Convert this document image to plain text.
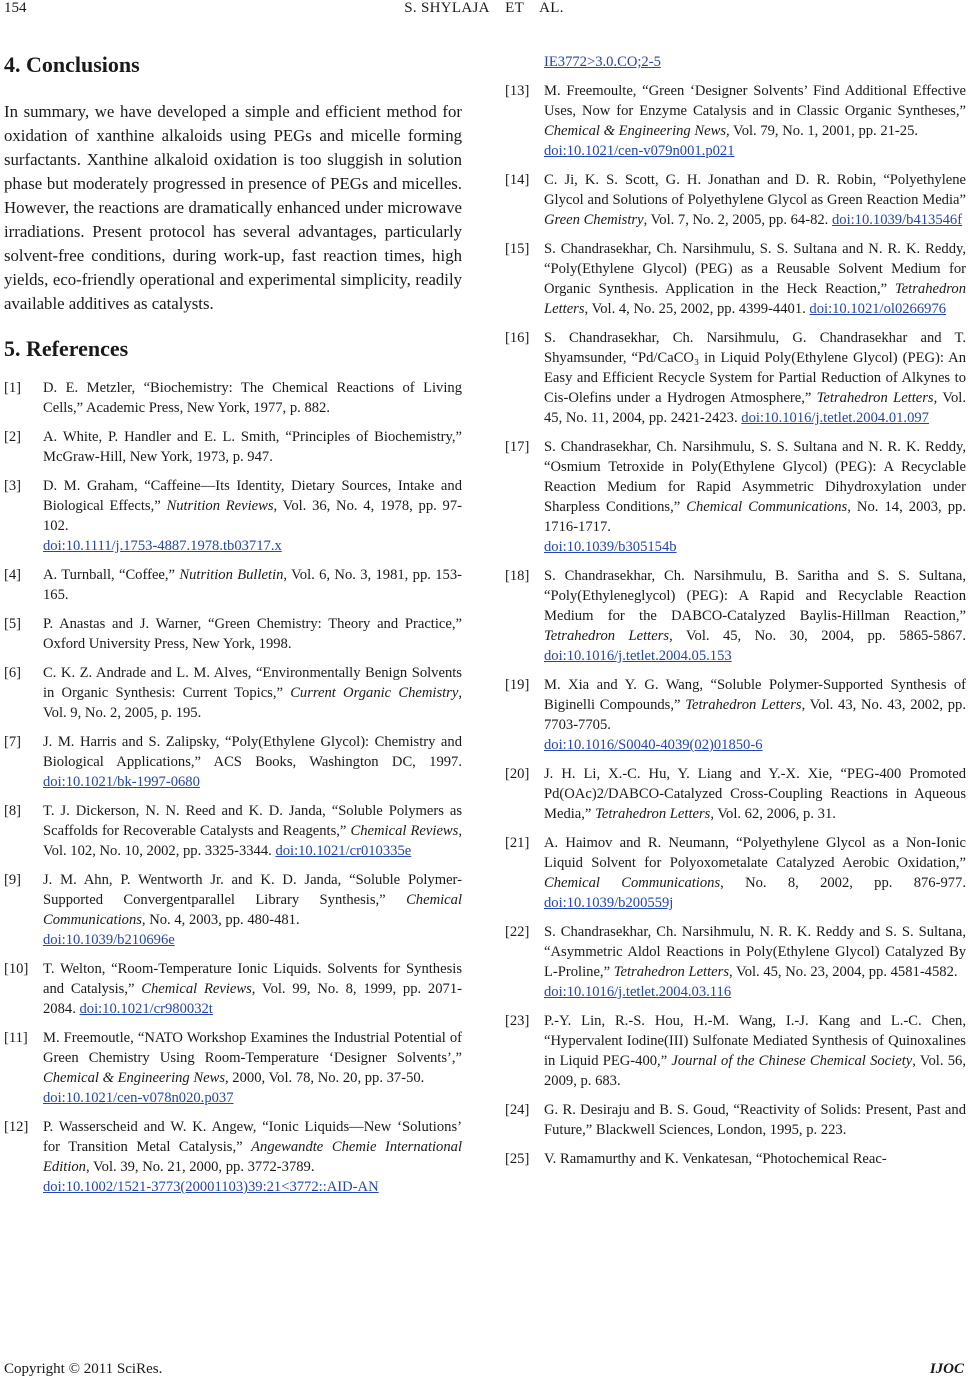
154	S. SHYLAJA    ET    AL.
4. Conclusions

In summary, we have developed a simple and efficient method for oxidation of xanthine alkaloids using PEGs and micelle forming surfactants. Xanthine alkaloid oxidation is too sluggish in solution phase but moderately progressed in presence of PEGs and micelles. However, the reactions are dramatically enhanced under microwave irradiations. Present protocol has several advantages, particularly solvent-free conditions, during work-up, fast reaction times, high yields, eco-friendly operational and experimental simplicity, readily available additives as catalysts.

5. References
[1] D. E. Metzler, “Biochemistry: The Chemical Reactions of Living Cells,” Academic Press, New York, 1977, p. 882.
[2] A. White, P. Handler and E. L. Smith, “Principles of Biochemistry,” McGraw-Hill, New York, 1973, p. 947.
[3] D. M. Graham, “Caffeine—Its Identity, Dietary Sources, Intake and Biological Effects,” Nutrition Reviews, Vol. 36, No. 4, 1978, pp. 97-102.
doi:10.1111/j.1753-4887.1978.tb03717.x
[4] A. Turnball, “Coffee,” Nutrition Bulletin, Vol. 6, No. 3, 1981, pp. 153-165.
[5] P. Anastas and J. Warner, “Green Chemistry: Theory and Practice,” Oxford University Press, New York, 1998.
[6] C. K. Z. Andrade and L. M. Alves, “Environmentally Benign Solvents in Organic Synthesis: Current Topics,” Current Organic Chemistry, Vol. 9, No. 2, 2005, p. 195.
[7] J. M. Harris and S. Zalipsky, “Poly(Ethylene Glycol): Chemistry and Biological Applications,” ACS Books, Washington DC, 1997. doi:10.1021/bk-1997-0680
[8] T. J. Dickerson, N. N. Reed and K. D. Janda, “Soluble Polymers as Scaffolds for Recoverable Catalysts and Reagents,” Chemical Reviews, Vol. 102, No. 10, 2002, pp. 3325-3344. doi:10.1021/cr010335e
[9] J. M. Ahn, P. Wentworth Jr. and K. D. Janda, “Soluble Polymer-Supported Convergentparallel Library Synthesis,” Chemical Communications, No. 4, 2003, pp. 480-481.
doi:10.1039/b210696e
[10] T. Welton, “Room-Temperature Ionic Liquids. Solvents for Synthesis and Catalysis,” Chemical Reviews, Vol. 99, No. 8, 1999, pp. 2071-2084. doi:10.1021/cr980032t
[11] M. Freemoutle, “NATO Workshop Examines the Industrial Potential of Green Chemistry Using Room-Temperature ‘Designer Solvents’,” Chemical & Engineering News, 2000, Vol. 78, No. 20, pp. 37-50.
doi:10.1021/cen-v078n020.p037
[12] P. Wasserscheid and W. K. Angew, “Ionic Liquids—New ‘Solutions’ for Transition Metal Catalysis,” Angewandte Chemie International Edition, Vol. 39, No. 21, 2000, pp. 3772-3789.
doi:10.1002/1521-3773(20001103)39:21<3772::AID-AN
IE3772>3.0.CO;2-5
[13] M. Freemoulte, “Green ‘Designer Solvents’ Find Additional Effective Uses, Now for Enzyme Catalysis and in Classic Organic Syntheses,” Chemical & Engineering News, Vol. 79, No. 1, 2001, pp. 21-25.
doi:10.1021/cen-v079n001.p021
[14] C. Ji, K. S. Scott, G. H. Jonathan and D. R. Robin, “Polyethylene Glycol and Solutions of Polyethylene Glycol as Green Reaction Media” Green Chemistry, Vol. 7, No. 2, 2005, pp. 64-82. doi:10.1039/b413546f
[15] S. Chandrasekhar, Ch. Narsihmulu, S. S. Sultana and N. R. K. Reddy, “Poly(Ethylene Glycol) (PEG) as a Reusable Solvent Medium for Organic Synthesis. Application in the Heck Reaction,” Tetrahedron Letters, Vol. 4, No. 25, 2002, pp. 4399-4401. doi:10.1021/ol0266976
[16] S. Chandrasekhar, Ch. Narsihmulu, G. Chandrasekhar and T. Shyamsunder, “Pd/CaCO₃ in Liquid Poly(Ethylene Glycol) (PEG): An Easy and Efficient Recycle System for Partial Reduction of Alkynes to Cis-Olefins under a Hydrogen Atmosphere,” Tetrahedron Letters, Vol. 45, No. 11, 2004, pp. 2421-2423. doi:10.1016/j.tetlet.2004.01.097
[17] S. Chandrasekhar, Ch. Narsihmulu, S. S. Sultana and N. R. K. Reddy, “Osmium Tetroxide in Poly(Ethylene Glycol) (PEG): A Recyclable Reaction Medium for Rapid Asymmetric Dihydroxylation under Sharpless Conditions,” Chemical Communications, No. 14, 2003, pp. 1716-1717.
doi:10.1039/b305154b
[18] S. Chandrasekhar, Ch. Narsihmulu, B. Saritha and S. S. Sultana, “Poly(Ethyleneglycol) (PEG): A Rapid and Recyclable Reaction Medium for the DABCO-Catalyzed Baylis-Hillman Reaction,” Tetrahedron Letters, Vol. 45, No. 30, 2004, pp. 5865-5867. doi:10.1016/j.tetlet.2004.05.153
[19] M. Xia and Y. G. Wang, “Soluble Polymer-Supported Synthesis of Biginelli Compounds,” Tetrahedron Letters, Vol. 43, No. 43, 2002, pp. 7703-7705.
doi:10.1016/S0040-4039(02)01850-6
[20] J. H. Li, X.-C. Hu, Y. Liang and Y.-X. Xie, “PEG-400 Promoted Pd(OAc)2/DABCO-Catalyzed Cross-Coupling Reactions in Aqueous Media,” Tetrahedron Letters, Vol. 62, 2006, p. 31.
[21] A. Haimov and R. Neumann, “Polyethylene Glycol as a Non-Ionic Liquid Solvent for Polyoxometalate Catalyzed Aerobic Oxidation,” Chemical Communications, No. 8, 2002, pp. 876-977. doi:10.1039/b200559j
[22] S. Chandrasekhar, Ch. Narsihmulu, N. R. K. Reddy and S. S. Sultana, “Asymmetric Aldol Reactions in Poly(Ethylene Glycol) Catalyzed By L-Proline,” Tetrahedron Letters, Vol. 45, No. 23, 2004, pp. 4581-4582.
doi:10.1016/j.tetlet.2004.03.116
[23] P.-Y. Lin, R.-S. Hou, H.-M. Wang, I.-J. Kang and L.-C. Chen, “Hypervalent Iodine(III) Sulfonate Mediated Synthesis of Quinoxalines in Liquid PEG-400,” Journal of the Chinese Chemical Society, Vol. 56, 2009, p. 683.
[24] G. R. Desiraju and B. S. Goud, “Reactivity of Solids: Present, Past and Future,” Blackwell Sciences, London, 1995, p. 223.
[25] V. Ramamurthy and K. Venkatesan, “Photochemical Reac-
Copyright © 2011 SciRes.	IJOC
